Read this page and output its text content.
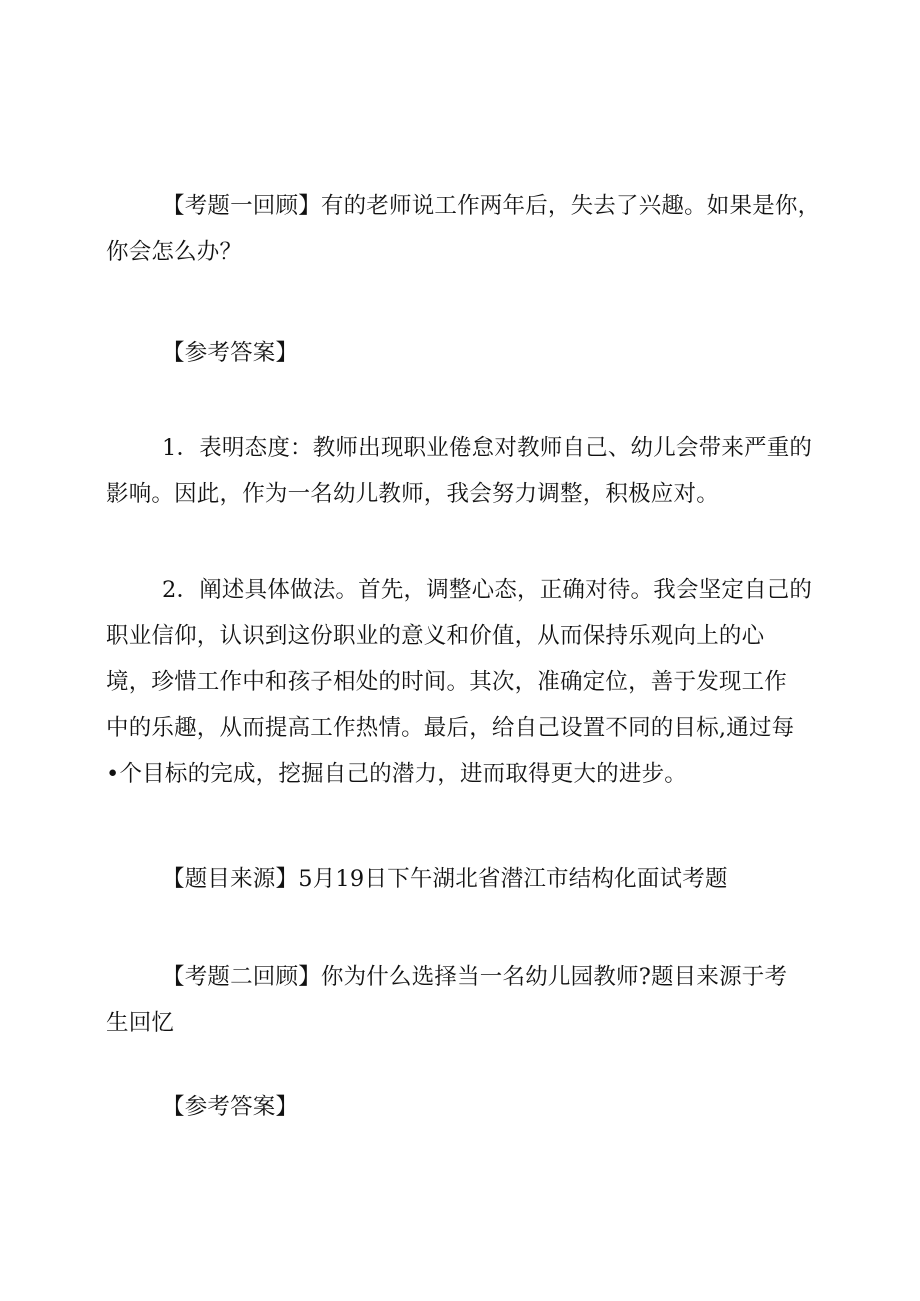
【考题一回顾】有的老师说工作两年后，失去了兴趣。如果是你，
你会怎么办？

【参考答案】

1．表明态度：教师出现职业倦怠对教师自己、幼儿会带来严重的
影响。因此，作为一名幼儿教师，我会努力调整，积极应对。

2．阐述具体做法。首先，调整心态，正确对待。我会坚定自己的
职业信仰，认识到这份职业的意义和价值，从而保持乐观向上的心
境，珍惜工作中和孩子相处的时间。其次，准确定位，善于发现工作
中的乐趣，从而提高工作热情。最后，给自己设置不同的目标,通过每
•个目标的完成，挖掘自己的潜力，进而取得更大的进步。

【题目来源】5月19日下午湖北省潜江市结构化面试考题

【考题二回顾】你为什么选择当一名幼儿园教师?题目来源于考
生回忆

【参考答案】
